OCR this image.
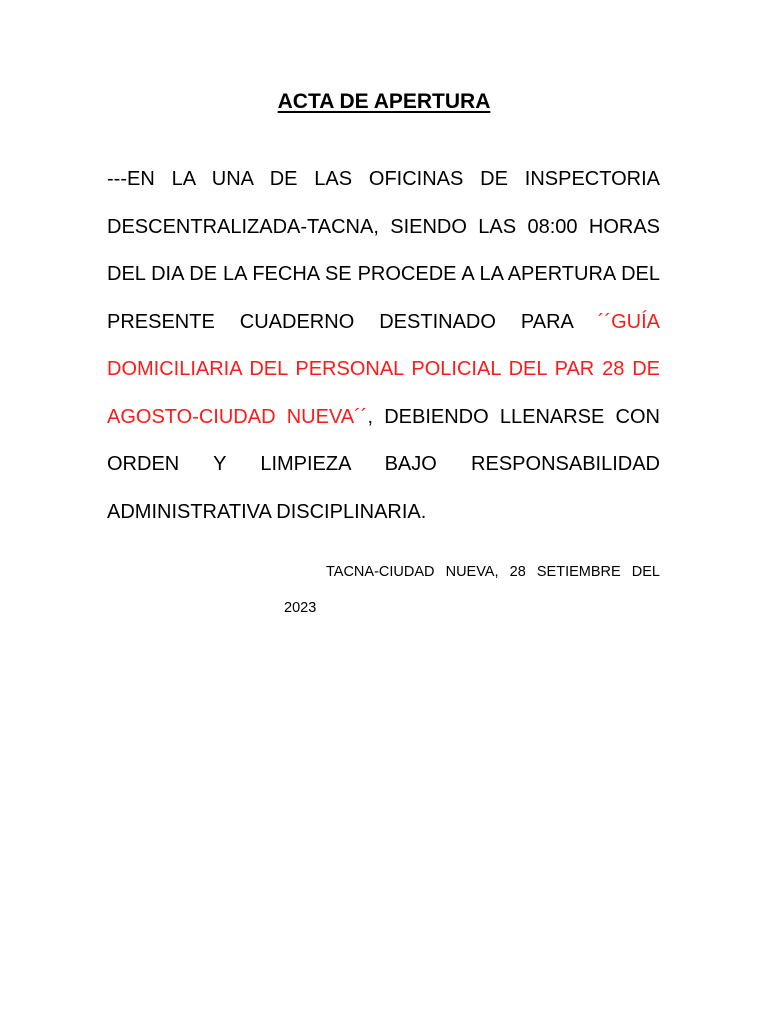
ACTA DE APERTURA

---EN LA UNA DE LAS OFICINAS DE INSPECTORIA DESCENTRALIZADA-TACNA, SIENDO LAS 08:00 HORAS DEL DIA DE LA FECHA SE PROCEDE A LA APERTURA DEL PRESENTE CUADERNO DESTINADO PARA ´´GUÍA DOMICILIARIA DEL PERSONAL POLICIAL DEL PAR 28 DE AGOSTO-CIUDAD NUEVA´´, DEBIENDO LLENARSE CON ORDEN Y LIMPIEZA BAJO RESPONSABILIDAD ADMINISTRATIVA DISCIPLINARIA.

TACNA-CIUDAD NUEVA, 28 SETIEMBRE DEL
2023
